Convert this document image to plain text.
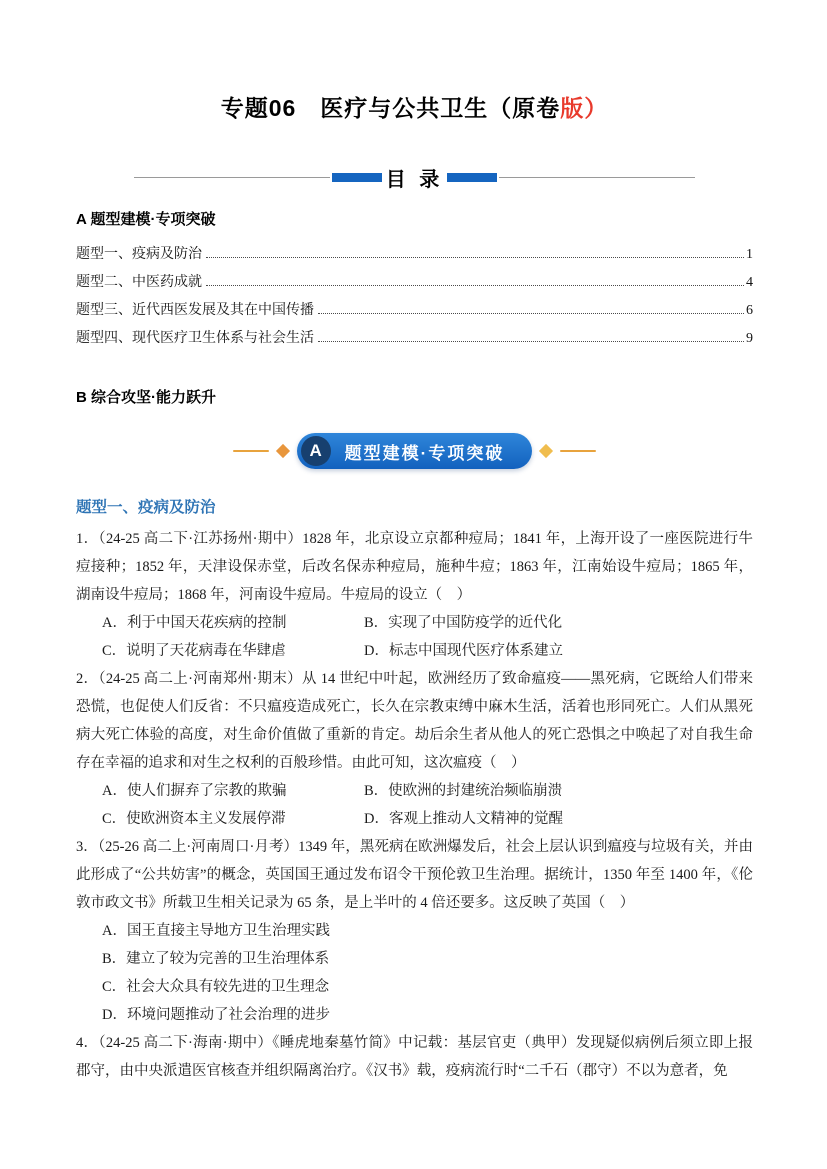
专题06　医疗与公共卫生（原卷版）
目 录
A 题型建模·专项突破
题型一、疫病及防治	1
题型二、中医药成就	4
题型三、近代西医发展及其在中国传播	6
题型四、现代医疗卫生体系与社会生活	9
B 综合攻坚·能力跃升
A	题型建模·专项突破
题型一、疫病及防治

1．（24-25 高二下·江苏扬州·期中）1828 年，北京设立京都种痘局；1841 年，上海开设了一座医院进行牛痘接种；1852 年，天津设保赤堂，后改名保赤种痘局，施种牛痘；1863 年，江南始设牛痘局；1865 年，湖南设牛痘局；1868 年，河南设牛痘局。牛痘局的设立（　）

A．利于中国天花疾病的控制	B．实现了中国防疫学的近代化
C．说明了天花病毒在华肆虐	D．标志中国现代医疗体系建立

2．（24-25 高二上·河南郑州·期末）从 14 世纪中叶起，欧洲经历了致命瘟疫——黑死病，它既给人们带来恐慌，也促使人们反省：不只瘟疫造成死亡，长久在宗教束缚中麻木生活，活着也形同死亡。人们从黑死病大死亡体验的高度，对生命价值做了重新的肯定。劫后余生者从他人的死亡恐惧之中唤起了对自我生命存在幸福的追求和对生之权利的百般珍惜。由此可知，这次瘟疫（　）

A．使人们摒弃了宗教的欺骗	B．使欧洲的封建统治频临崩溃
C．使欧洲资本主义发展停滞	D．客观上推动人文精神的觉醒

3．（25-26 高二上·河南周口·月考）1349 年，黑死病在欧洲爆发后，社会上层认识到瘟疫与垃圾有关，并由此形成了“公共妨害”的概念，英国国王通过发布诏令干预伦敦卫生治理。据统计，1350 年至 1400 年，《伦敦市政文书》所载卫生相关记录为 65 条，是上半叶的 4 倍还要多。这反映了英国（　）

A．国王直接主导地方卫生治理实践
B．建立了较为完善的卫生治理体系
C．社会大众具有较先进的卫生理念
D．环境问题推动了社会治理的进步

4．（24-25 高二下·海南·期中）《睡虎地秦墓竹简》中记载：基层官吏（典甲）发现疑似病例后须立即上报郡守，由中央派遣医官核查并组织隔离治疗。《汉书》载，疫病流行时“二千石（郡守）不以为意者，免
